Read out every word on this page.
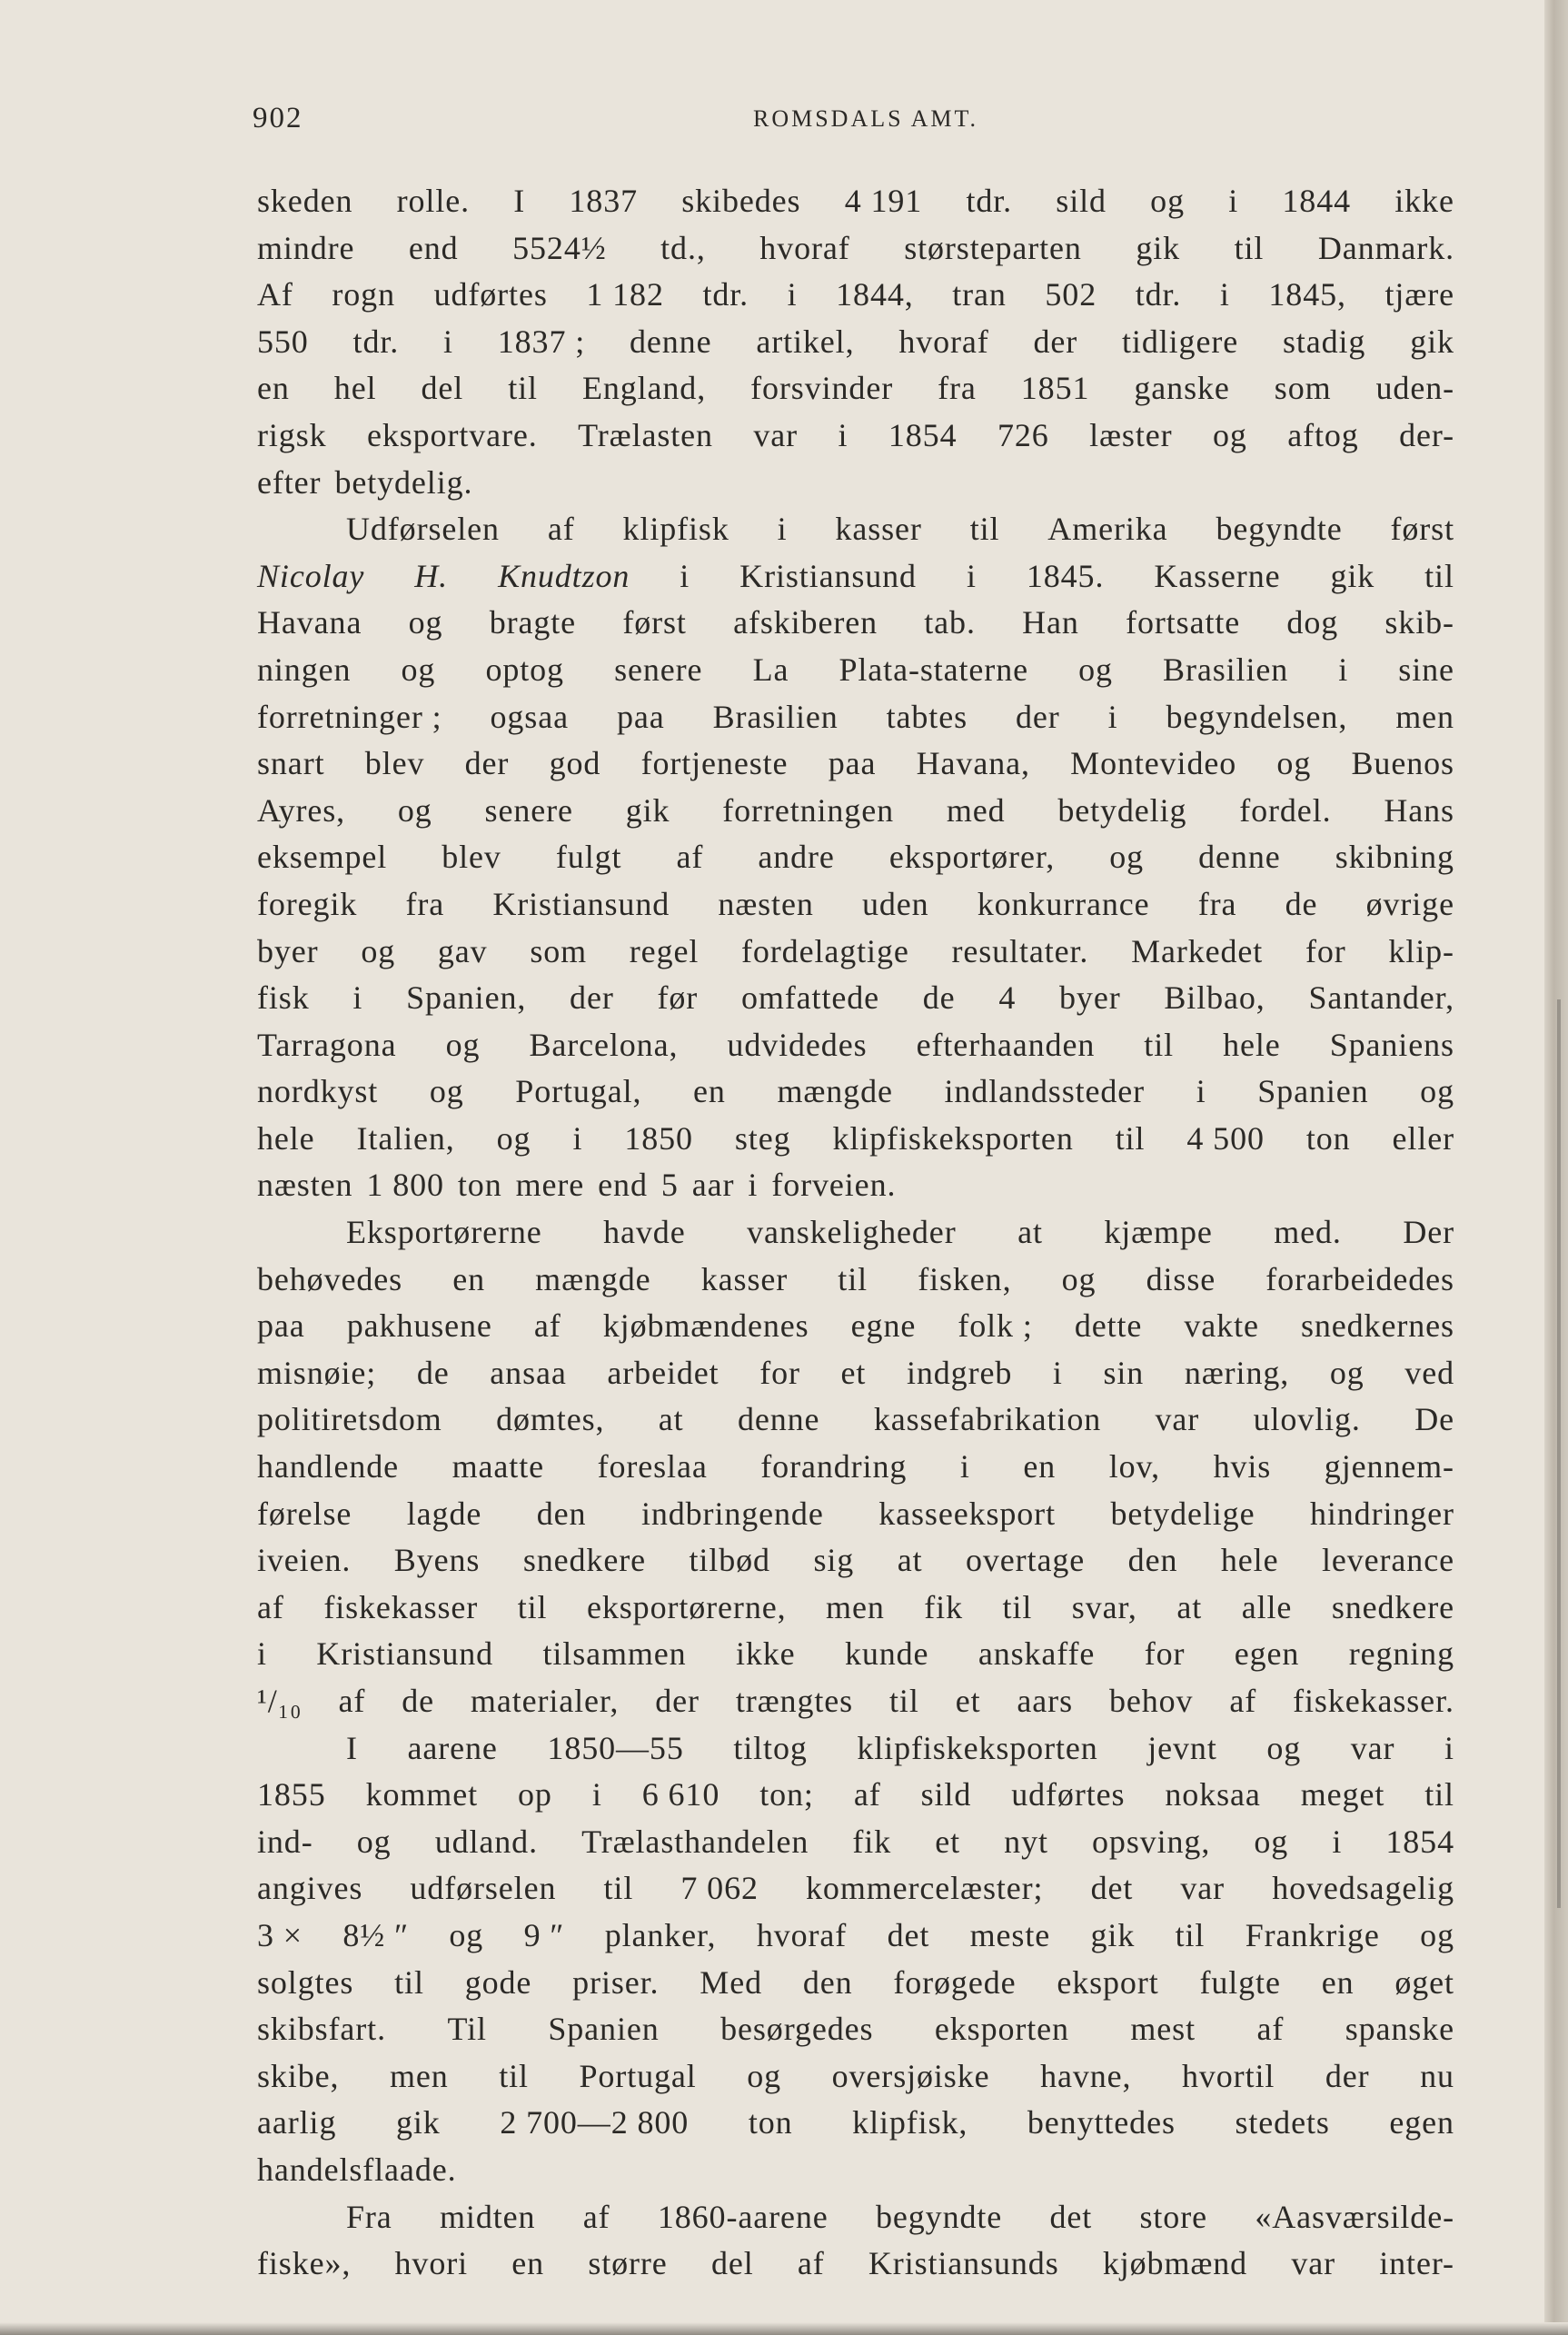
902	ROMSDALS AMT.
skeden rolle. I 1837 skibedes 4 191 tdr. sild og i 1844 ikke
mindre end 5524½ td., hvoraf størsteparten gik til Danmark.
Af rogn udførtes 1 182 tdr. i 1844, tran 502 tdr. i 1845, tjære
550 tdr. i 1837 ; denne artikel, hvoraf der tidligere stadig gik
en hel del til England, forsvinder fra 1851 ganske som uden-
rigsk eksportvare. Trælasten var i 1854 726 læster og aftog der-
efter betydelig.
Udførselen af klipfisk i kasser til Amerika begyndte først
Nicolay H. Knudtzon i Kristiansund i 1845. Kasserne gik til
Havana og bragte først afskiberen tab. Han fortsatte dog skib-
ningen og optog senere La Plata-staterne og Brasilien i sine
forretninger ; ogsaa paa Brasilien tabtes der i begyndelsen, men
snart blev der god fortjeneste paa Havana, Montevideo og Buenos
Ayres, og senere gik forretningen med betydelig fordel. Hans
eksempel blev fulgt af andre eksportører, og denne skibning
foregik fra Kristiansund næsten uden konkurrance fra de øvrige
byer og gav som regel fordelagtige resultater. Markedet for klip-
fisk i Spanien, der før omfattede de 4 byer Bilbao, Santander,
Tarragona og Barcelona, udvidedes efterhaanden til hele Spaniens
nordkyst og Portugal, en mængde indlandssteder i Spanien og
hele Italien, og i 1850 steg klipfiskeksporten til 4 500 ton eller
næsten 1 800 ton mere end 5 aar i forveien.
Eksportørerne havde vanskeligheder at kjæmpe med. Der
behøvedes en mængde kasser til fisken, og disse forarbeidedes
paa pakhusene af kjøbmændenes egne folk ; dette vakte snedkernes
misnøie; de ansaa arbeidet for et indgreb i sin næring, og ved
politiretsdom dømtes, at denne kassefabrikation var ulovlig. De
handlende maatte foreslaa forandring i en lov, hvis gjennem-
førelse lagde den indbringende kasseeksport betydelige hindringer
iveien. Byens snedkere tilbød sig at overtage den hele leverance
af fiskekasser til eksportørerne, men fik til svar, at alle snedkere
i Kristiansund tilsammen ikke kunde anskaffe for egen regning
¹/₁₀ af de materialer, der trængtes til et aars behov af fiskekasser.
I aarene 1850—55 tiltog klipfiskeksporten jevnt og var i
1855 kommet op i 6 610 ton; af sild udførtes noksaa meget til
ind- og udland. Trælasthandelen fik et nyt opsving, og i 1854
angives udførselen til 7 062 kommercelæster; det var hovedsagelig
3 × 8½ ″ og 9 ″ planker, hvoraf det meste gik til Frankrige og
solgtes til gode priser. Med den forøgede eksport fulgte en øget
skibsfart. Til Spanien besørgedes eksporten mest af spanske
skibe, men til Portugal og oversjøiske havne, hvortil der nu
aarlig gik 2 700—2 800 ton klipfisk, benyttedes stedets egen
handelsflaade.
Fra midten af 1860-aarene begyndte det store «Aasværsilde-
fiske», hvori en større del af Kristiansunds kjøbmænd var inter-
